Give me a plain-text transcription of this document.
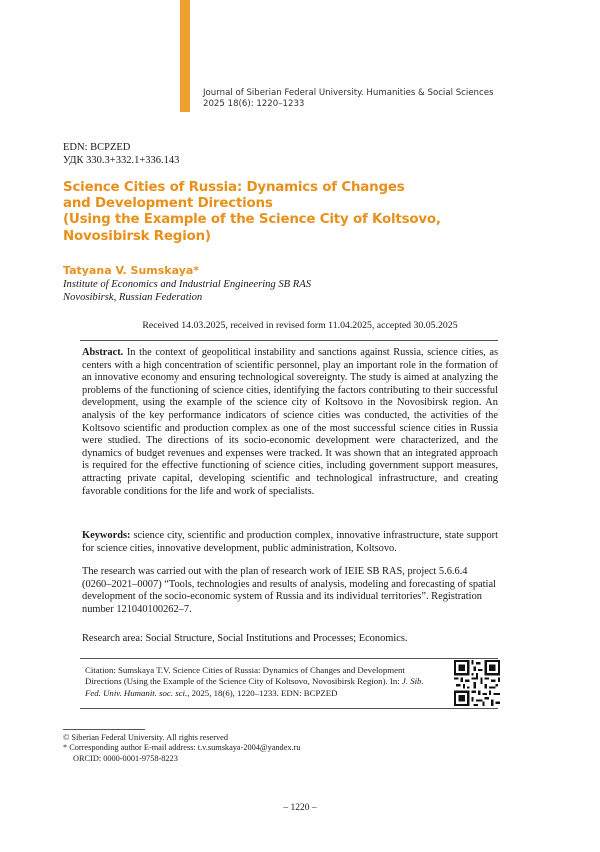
Journal of Siberian Federal University. Humanities & Social Sciences
2025 18(6): 1220–1233
EDN: BCPZED
УДК 330.3+332.1+336.143
Science Cities of Russia: Dynamics of Changes
and Development Directions
(Using the Example of the Science City of Koltsovo,
Novosibirsk Region)
Tatyana V. Sumskaya*
Institute of Economics and Industrial Engineering SB RAS
Novosibirsk, Russian Federation
Received 14.03.2025, received in revised form 11.04.2025, accepted 30.05.2025
Abstract. In the context of geopolitical instability and sanctions against Russia, science cities, as centers with a high concentration of scientific personnel, play an important role in the formation of an innovative economy and ensuring technological sovereignty. The study is aimed at analyzing the problems of the functioning of science cities, identifying the factors contributing to their successful development, using the example of the science city of Koltsovo in the Novosibirsk region. An analysis of the key performance indicators of science cities was conducted, the activities of the Koltsovo scientific and production complex as one of the most successful science cities in Russia were studied. The directions of its socio-economic development were characterized, and the dynamics of budget revenues and expenses were tracked. It was shown that an integrated approach is required for the effective functioning of science cities, including government support measures, attracting private capital, developing scientific and technological infrastructure, and creating favorable conditions for the life and work of specialists.
Keywords: science city, scientific and production complex, innovative infrastructure, state support for science cities, innovative development, public administration, Koltsovo.
The research was carried out with the plan of research work of IEIE SB RAS, project 5.6.6.4 (0260–2021–0007) “Tools, technologies and results of analysis, modeling and forecasting of spatial development of the socio-economic system of Russia and its individual territories”. Registration number 121040100262–7.
Research area: Social Structure, Social Institutions and Processes; Economics.
Citation: Sumskaya T.V. Science Cities of Russia: Dynamics of Changes and Development Directions (Using the Example of the Science City of Koltsovo, Novosibirsk Region). In: J. Sib. Fed. Univ. Humanit. soc. sci., 2025, 18(6), 1220–1233. EDN: BCPZED
© Siberian Federal University. All rights reserved
* Corresponding author E-mail address: t.v.sumskaya-2004@yandex.ru
ORCID: 0000-0001-9758-8223
– 1220 –
